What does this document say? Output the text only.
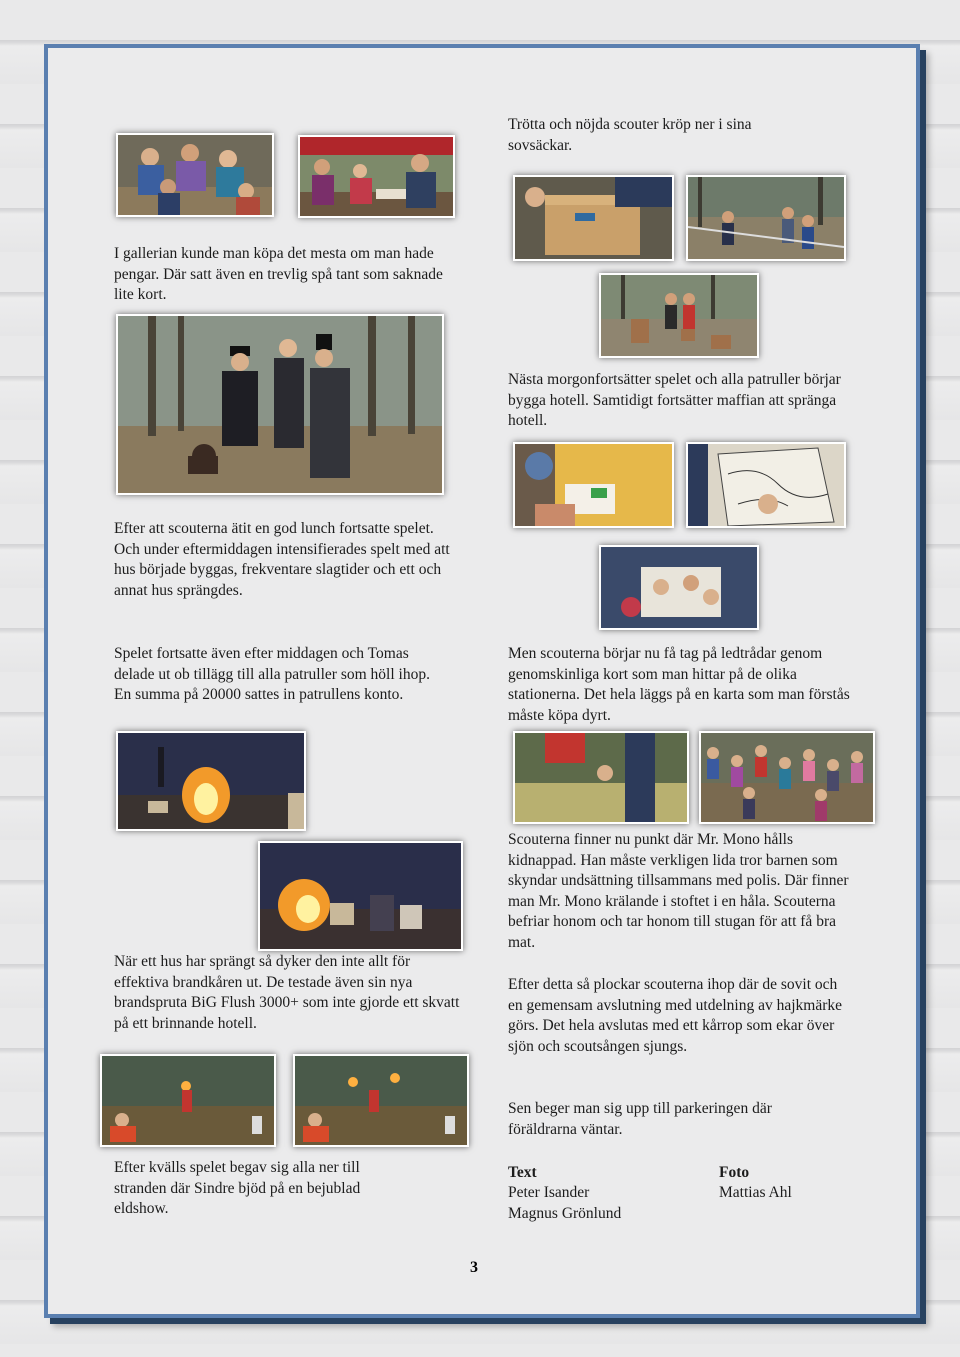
Trötta och nöjda scouter kröp ner i sina sovsäckar.
I gallerian kunde man köpa det mesta om man hade pengar. Där satt även en trevlig spå tant som saknade lite kort.
Nästa morgonfortsätter spelet och alla patruller börjar bygga hotell. Samtidigt fortsätter maffian att spränga hotell.
Efter att scouterna ätit en god lunch fortsatte spelet. Och under eftermiddagen intensifierades spelt med att hus började byggas, frekventare slagtider och ett och annat hus sprängdes.
Spelet fortsatte även efter middagen och Tomas delade ut ob tillägg till alla patruller som höll ihop. En summa på 20000 sattes in patrullens konto.
Men scouterna börjar nu få tag på ledtrådar genom genomskinliga kort som man hittar på de olika stationerna. Det hela läggs på en karta som man förstås måste köpa dyrt.
Scouterna finner nu punkt där Mr. Mono hålls kidnappad. Han måste verkligen lida tror barnen som skyndar undsättning tillsammans med polis. Där finner man Mr. Mono krälande i stoftet i en håla. Scouterna befriar honom och tar honom till stugan för att få bra mat.
När ett hus har sprängt så dyker den inte allt för effektiva brandkåren ut. De testade även sin nya brandspruta BiG Flush 3000+ som inte gjorde ett skvatt på ett brinnande hotell.
Efter detta så plockar scouterna ihop där de sovit och en gemensam avslutning med utdelning av hajkmärke görs. Det hela avslutas med ett kårrop som ekar över sjön och scoutsången sjungs.
Sen beger man sig upp till parkeringen där föräldrarna väntar.
Efter kvälls spelet begav sig alla ner till stranden där Sindre bjöd på en bejublad eldshow.
Text
Peter Isander
Magnus Grönlund
Foto
Mattias Ahl
3
